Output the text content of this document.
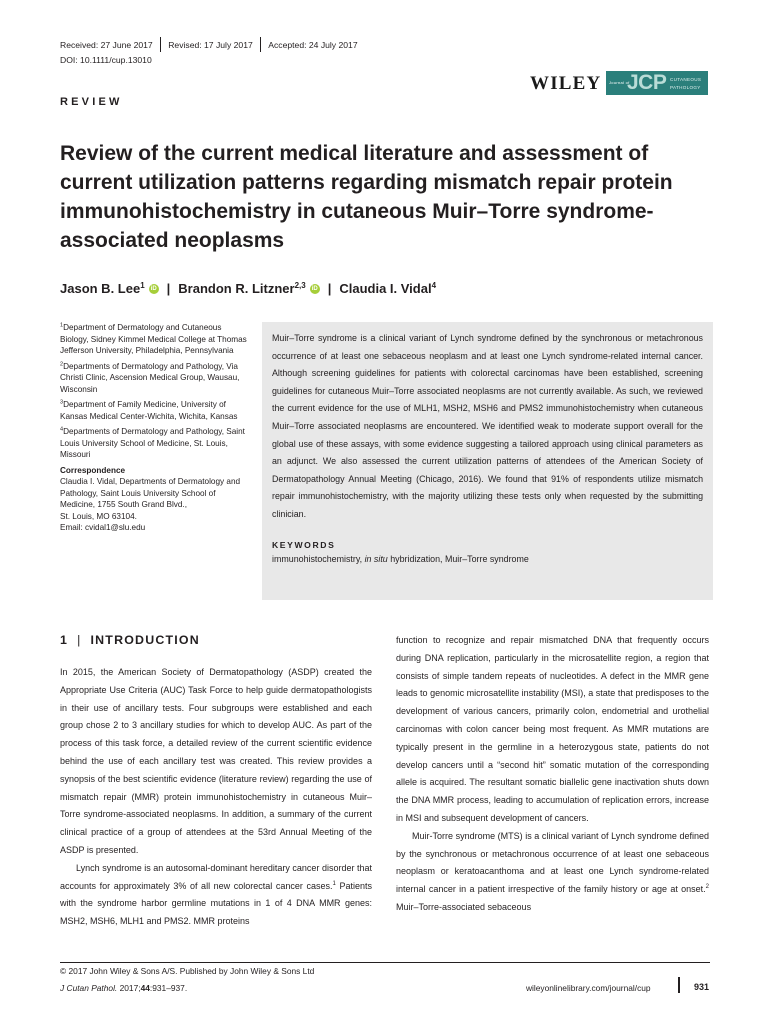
Received: 27 June 2017 Revised: 17 July 2017 Accepted: 24 July 2017
DOI: 10.1111/cup.13010
WILEY Journal of
JCP CUTANEOUS
PATHOLOGY
REVIEW
Review of the current medical literature and assessment of current utilization patterns regarding mismatch repair protein immunohistochemistry in cutaneous Muir–Torre syndrome-associated neoplasms
Jason B. Lee$^1$	iD | Brandon R. Litzner$^{2,3}$	iD | Claudia I. Vidal$^4$

$^1$Department of Dermatology and Cutaneous Biology, Sidney Kimmel Medical College at Thomas Jefferson University, Philadelphia, Pennsylvania

$^2$Departments of Dermatology and Pathology, Via Christi Clinic, Ascension Medical Group, Wausau, Wisconsin

$^3$Department of Family Medicine, University of Kansas Medical Center-Wichita, Wichita, Kansas

$^4$Departments of Dermatology and Pathology, Saint Louis University School of Medicine, St. Louis, Missouri

Correspondence

Claudia I. Vidal, Departments of Dermatology and Pathology, Saint Louis University School of Medicine, 1755 South Grand Blvd.,
St. Louis, MO 63104.
Email: cvidal1@slu.edu

Muir–Torre syndrome is a clinical variant of Lynch syndrome defined by the synchronous or metachronous occurrence of at least one sebaceous neoplasm and at least one Lynch syndrome-related internal cancer. Although screening guidelines for patients with colorectal carcinomas have been established, screening guidelines for cutaneous Muir–Torre associated neoplasms are not currently available. As such, we reviewed the current evidence for the use of MLH1, MSH2, MSH6 and PMS2 immunohistochemistry when cutaneous Muir–Torre associated neoplasms are encountered. We identified weak to moderate support overall for the global use of these assays, with some evidence suggesting a tailored approach using clinical parameters as an adjunct. We also assessed the current utilization patterns of attendees of the American Society of Dermatopathology Annual Meeting (Chicago, 2016). We found that 91% of respondents utilize mismatch repair immunohistochemistry, with the majority utilizing these tests only when requested by the submitting clinician.
KEYWORDS
immunohistochemistry, in situ hybridization, Muir–Torre syndrome
1 | INTRODUCTION

In 2015, the American Society of Dermatopathology (ASDP) created the Appropriate Use Criteria (AUC) Task Force to help guide dermatopathologists in their use of ancillary tests. Four subgroups were established and each group chose 2 to 3 ancillary studies for which to develop AUC. As part of the process of this task force, a detailed review of the current scientific evidence behind the use of each ancillary test was created. This review provides a synopsis of the best scientific evidence (literature review) regarding the use of mismatch repair (MMR) protein immunohistochemistry in cutaneous Muir–Torre syndrome-associated neoplasms. In addition, a summary of the current clinical practice of a group of attendees at the 53rd Annual Meeting of the ASDP is presented.

Lynch syndrome is an autosomal-dominant hereditary cancer disorder that accounts for approximately 3% of all new colorectal cancer cases.$^1$ Patients with the syndrome harbor germline mutations in 1 of 4 DNA MMR genes: MSH2, MSH6, MLH1 and PMS2. MMR proteins

function to recognize and repair mismatched DNA that frequently occurs during DNA replication, particularly in the microsatellite region, a region that consists of simple tandem repeats of nucleotides. A defect in the MMR gene leads to genomic microsatellite instability (MSI), a state that predisposes to the development of various cancers, primarily colon, endometrial and urothelial carcinomas with colon cancer being most frequent. As MMR mutations are typically present in the germline in a heterozygous state, patients do not develop cancers until a “second hit” somatic mutation of the corresponding allele is acquired. The resultant somatic biallelic gene inactivation shuts down the DNA MMR process, leading to accumulation of replication errors, increase in MSI and subsequent development of cancers.

Muir-Torre syndrome (MTS) is a clinical variant of Lynch syndrome defined by the synchronous or metachronous occurrence of at least one sebaceous neoplasm or keratoacanthoma and at least one Lynch syndrome-related internal cancer in a patient irrespective of the family history or age at onset.$^2$ Muir–Torre-associated sebaceous

© 2017 John Wiley & Sons A/S. Published by John Wiley & Sons Ltd
J Cutan Pathol. 2017;44:931–937.	wileyonlinelibrary.com/journal/cup	931
